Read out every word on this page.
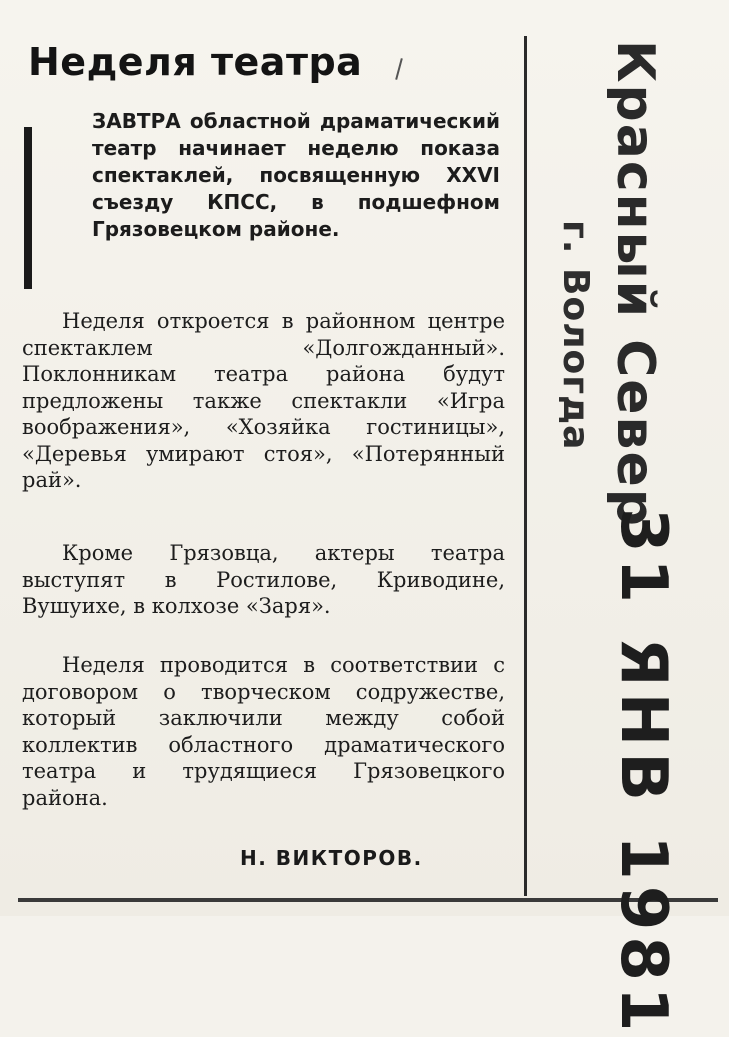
Неделя театра

ЗАВТРА областной драматический театр начинает неделю показа спектаклей, посвященную XXVI съезду КПСС, в подшефном Грязовецком районе.

Неделя откроется в районном центре спектаклем «Долгожданный». Поклонникам театра района будут предложены также спектакли «Игра воображения», «Хозяйка гостиницы», «Деревья умирают стоя», «Потерянный рай».

Кроме Грязовца, актеры театра выступят в Ростилове, Криводине, Вушуихе, в колхозе «Заря».

Неделя проводится в соответствии с договором о творческом содружестве, который заключили между собой коллектив областного драматического театра и трудящиеся Грязовецкого района.

Н. ВИКТОРОВ.

Красный Север
г. Вологда
31 ЯНВ 1981
